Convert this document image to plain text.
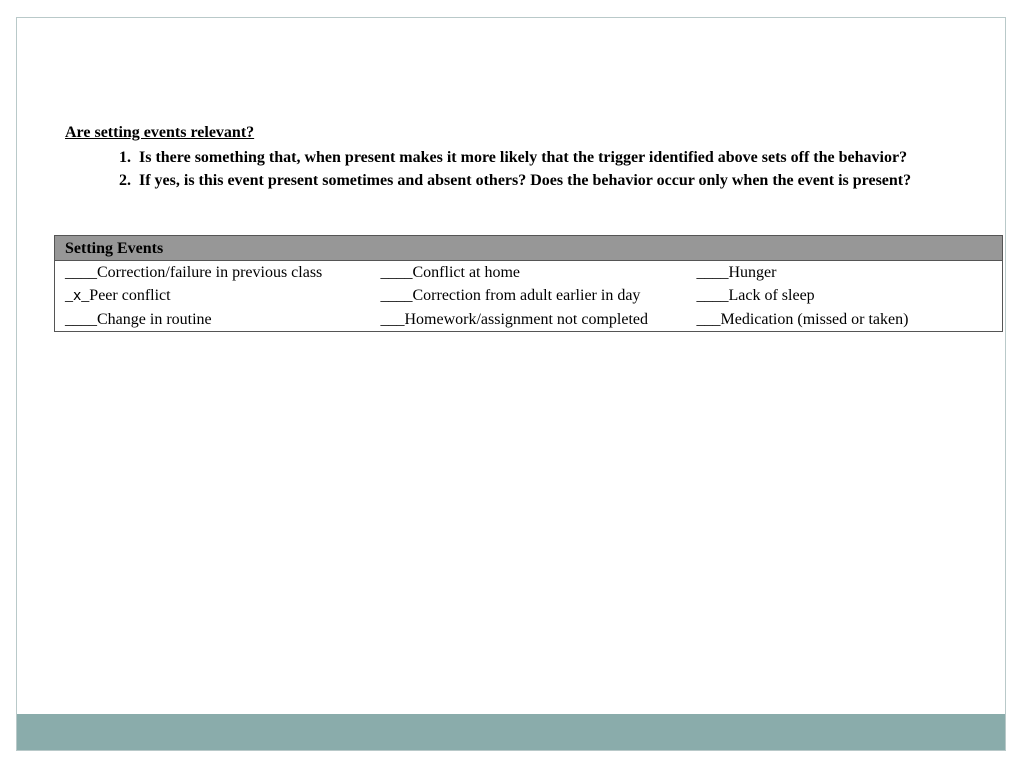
Are setting events relevant?
1. Is there something that, when present makes it more likely that the trigger identified above sets off the behavior?
2. If yes, is this event present sometimes and absent others? Does the behavior occur only when the event is present?
Setting Events		
____Correction/failure in previous class	____Conflict at home	____Hunger
_x_Peer conflict	____Correction from adult earlier in day	____Lack of sleep
____Change in routine	___Homework/assignment not completed	___Medication (missed or taken)
